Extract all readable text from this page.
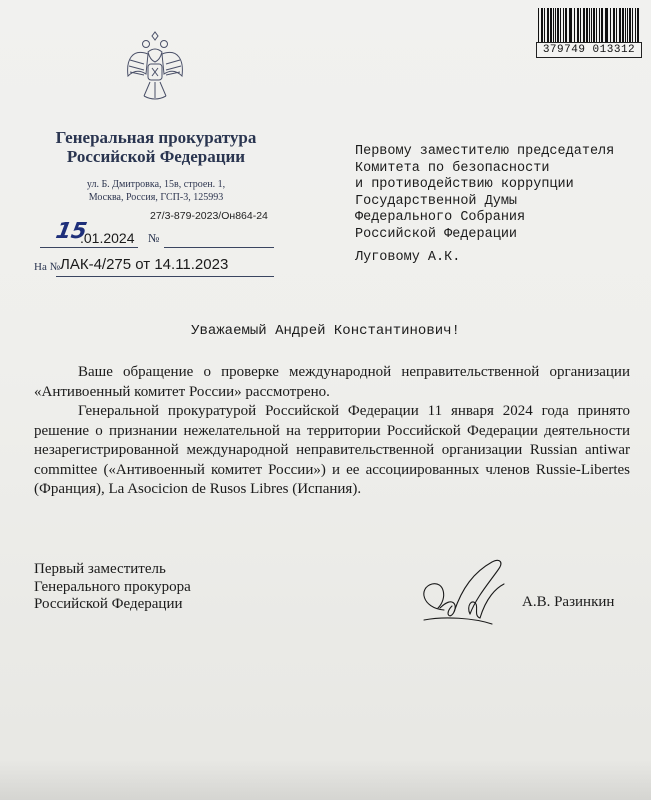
379749 013312
Генеральная прокуратура
Российской Федерации
ул. Б. Дмитровка, 15в, строен. 1,
Москва, Россия, ГСП-3, 125993
27/3-879-2023/Он864-24
15
.01.2024 №
На № ЛАК-4/275 от 14.11.2023
Первому заместителю председателя
Комитета по безопасности
и противодействию коррупции
Государственной Думы
Федерального Собрания
Российской Федерации
Луговому А.К.
Уважаемый Андрей Константинович!

Ваше обращение о проверке международной неправительственной организации «Антивоенный комитет России» рассмотрено.

Генеральной прокуратурой Российской Федерации 11 января 2024 года принято решение о признании нежелательной на территории Российской Федерации деятельности незарегистрированной международной неправительственной организации Russian antiwar committee («Антивоенный комитет России») и ее ассоциированных членов Russie-Libertes (Франция), La Asocicion de Rusos Libres (Испания).

Первый заместитель
Генерального прокурора
Российской Федерации	А.В. Разинкин
